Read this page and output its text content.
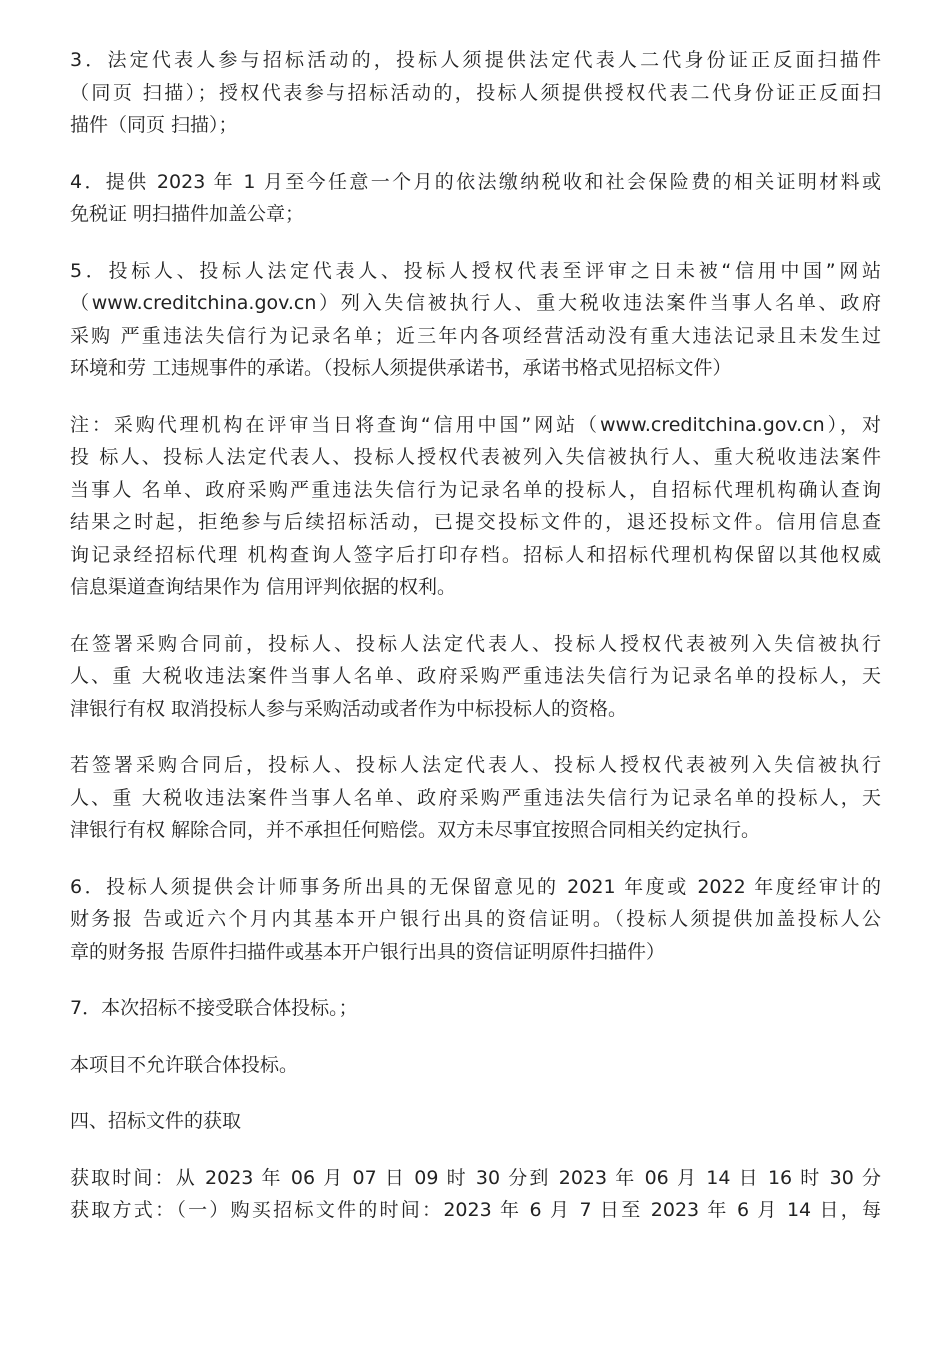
3．法定代表人参与招标活动的，投标人须提供法定代表人二代身份证正反面扫描件
（同页 扫描）；授权代表参与招标活动的，投标人须提供授权代表二代身份证正反面扫
描件（同页 扫描）；
4．提供 2023 年 1 月至今任意一个月的依法缴纳税收和社会保险费的相关证明材料或
免税证 明扫描件加盖公章；
5．投标人、投标人法定代表人、投标人授权代表至评审之日未被“信用中国”网站
（www.creditchina.gov.cn）列入失信被执行人、重大税收违法案件当事人名单、政府
采购 严重违法失信行为记录名单；近三年内各项经营活动没有重大违法记录且未发生过
环境和劳 工违规事件的承诺。（投标人须提供承诺书，承诺书格式见招标文件）
注：采购代理机构在评审当日将查询“信用中国”网站（www.creditchina.gov.cn），对
投 标人、投标人法定代表人、投标人授权代表被列入失信被执行人、重大税收违法案件
当事人 名单、政府采购严重违法失信行为记录名单的投标人，自招标代理机构确认查询
结果之时起，拒绝参与后续招标活动，已提交投标文件的，退还投标文件。信用信息查
询记录经招标代理 机构查询人签字后打印存档。招标人和招标代理机构保留以其他权威
信息渠道查询结果作为 信用评判依据的权利。
在签署采购合同前，投标人、投标人法定代表人、投标人授权代表被列入失信被执行
人、重 大税收违法案件当事人名单、政府采购严重违法失信行为记录名单的投标人，天
津银行有权 取消投标人参与采购活动或者作为中标投标人的资格。
若签署采购合同后，投标人、投标人法定代表人、投标人授权代表被列入失信被执行
人、重 大税收违法案件当事人名单、政府采购严重违法失信行为记录名单的投标人，天
津银行有权 解除合同，并不承担任何赔偿。双方未尽事宜按照合同相关约定执行。
6．投标人须提供会计师事务所出具的无保留意见的 2021 年度或 2022 年度经审计的
财务报 告或近六个月内其基本开户银行出具的资信证明。（投标人须提供加盖投标人公
章的财务报 告原件扫描件或基本开户银行出具的资信证明原件扫描件）
7．本次招标不接受联合体投标。；
本项目不允许联合体投标。
四、招标文件的获取
获取时间：从 2023 年 06 月 07 日 09 时 30 分到 2023 年 06 月 14 日 16 时 30 分
获取方式：（一）购买招标文件的时间：2023 年 6 月 7 日至 2023 年 6 月 14 日，每
